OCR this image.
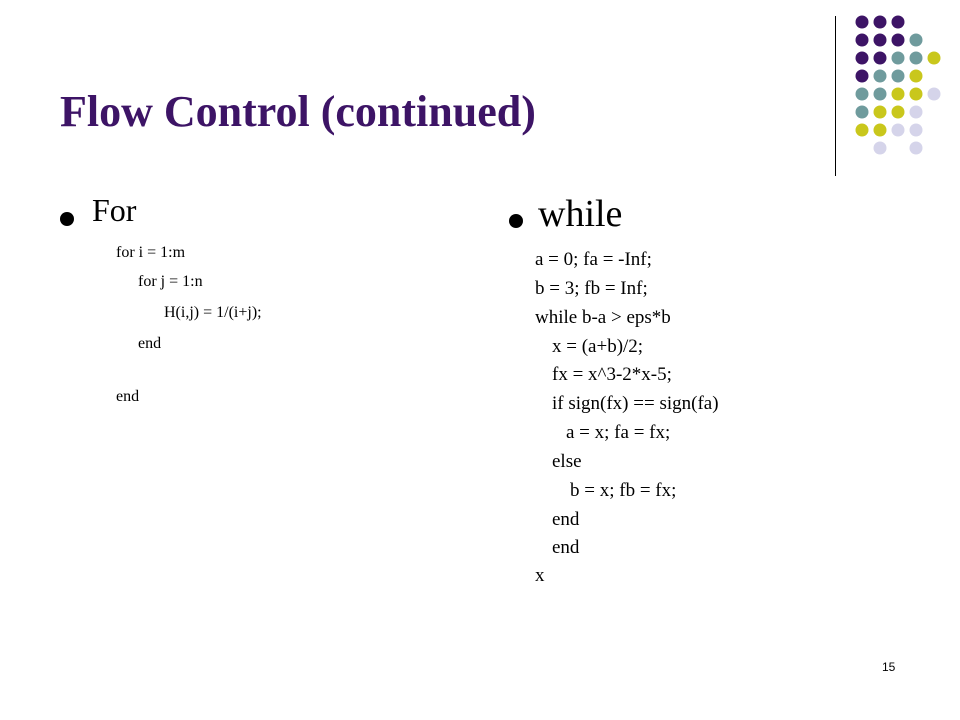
Flow Control (continued)
For
for i = 1:m
for j = 1:n
H(i,j) = 1/(i+j);
end
end
while
a = 0; fa = -Inf;
b = 3; fb = Inf;
while b-a > eps*b
x = (a+b)/2;
fx = x^3-2*x-5;
if sign(fx) == sign(fa)
a = x; fa = fx;
else
b = x; fb = fx;
end
end
x
15
